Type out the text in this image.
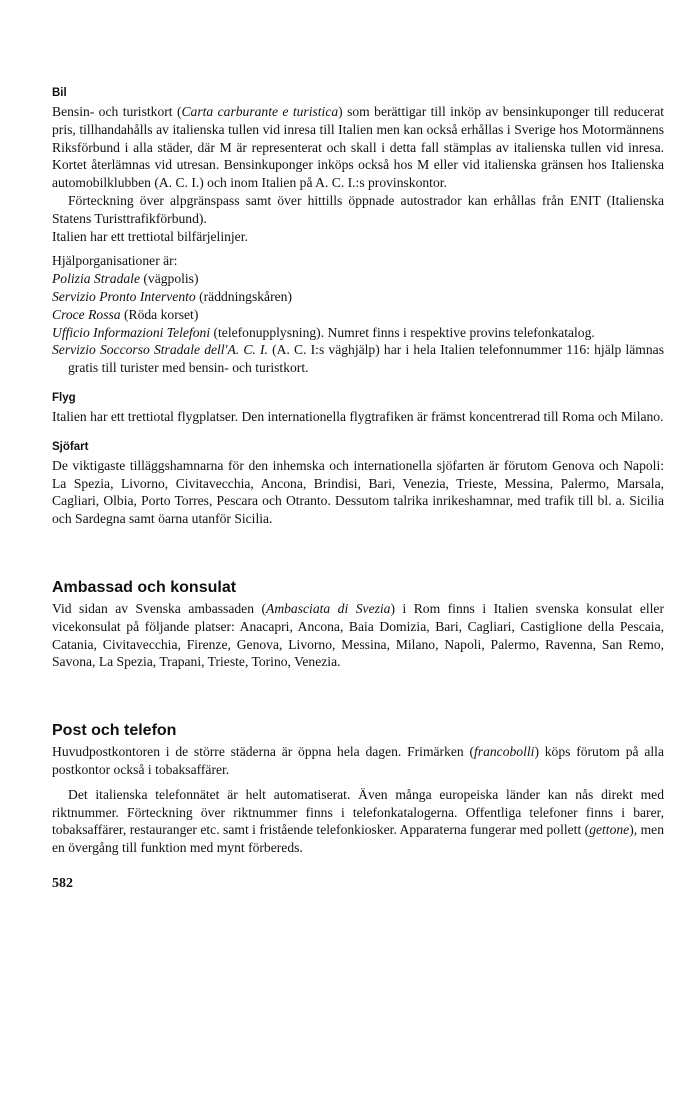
Bil

Bensin- och turistkort (Carta carburante e turistica) som berättigar till inköp av bensinkuponger till reducerat pris, tillhandahålls av italienska tullen vid inresa till Italien men kan också erhållas i Sverige hos Motormännens Riksförbund i alla städer, där M är representerat och skall i detta fall stämplas av italienska tullen vid inresa. Kortet återlämnas vid utresan. Bensinkuponger inköps också hos M eller vid italienska gränsen hos Italienska automobilklubben (A. C. I.) och inom Italien på A. C. I.:s provinskontor.

Förteckning över alpgränspass samt över hittills öppnade autostrador kan erhållas från ENIT (Italienska Statens Turisttrafikförbund).

Italien har ett trettiotal bilfärjelinjer.

Hjälporganisationer är:

Polizia Stradale (vägpolis)

Servizio Pronto Intervento (räddningskåren)

Croce Rossa (Röda korset)

Ufficio Informazioni Telefoni (telefonupplysning). Numret finns i respektive provins telefonkatalog.

Servizio Soccorso Stradale dell'A. C. I. (A. C. I:s väghjälp) har i hela Italien telefonnummer 116: hjälp lämnas gratis till turister med bensin- och turistkort.

Flyg

Italien har ett trettiotal flygplatser. Den internationella flygtrafiken är främst koncentrerad till Roma och Milano.

Sjöfart

De viktigaste tilläggshamnarna för den inhemska och internationella sjöfarten är förutom Genova och Napoli: La Spezia, Livorno, Civitavecchia, Ancona, Brindisi, Bari, Venezia, Trieste, Messina, Palermo, Marsala, Cagliari, Olbia, Porto Torres, Pescara och Otranto. Dessutom talrika inrikeshamnar, med trafik till bl. a. Sicilia och Sardegna samt öarna utanför Sicilia.

Ambassad och konsulat

Vid sidan av Svenska ambassaden (Ambasciata di Svezia) i Rom finns i Italien svenska konsulat eller vicekonsulat på följande platser: Anacapri, Ancona, Baia Domizia, Bari, Cagliari, Castiglione della Pescaia, Catania, Civitavecchia, Firenze, Genova, Livorno, Messina, Milano, Napoli, Palermo, Ravenna, San Remo, Savona, La Spezia, Trapani, Trieste, Torino, Venezia.

Post och telefon

Huvudpostkontoren i de större städerna är öppna hela dagen. Frimärken (francobolli) köps förutom på alla postkontor också i tobaksaffärer.

Det italienska telefonnätet är helt automatiserat. Även många europeiska länder kan nås direkt med riktnummer. Förteckning över riktnummer finns i telefonkatalogerna. Offentliga telefoner finns i barer, tobaksaffärer, restauranger etc. samt i fristående telefonkiosker. Apparaterna fungerar med pollett (gettone), men en övergång till funktion med mynt förbereds.

582
